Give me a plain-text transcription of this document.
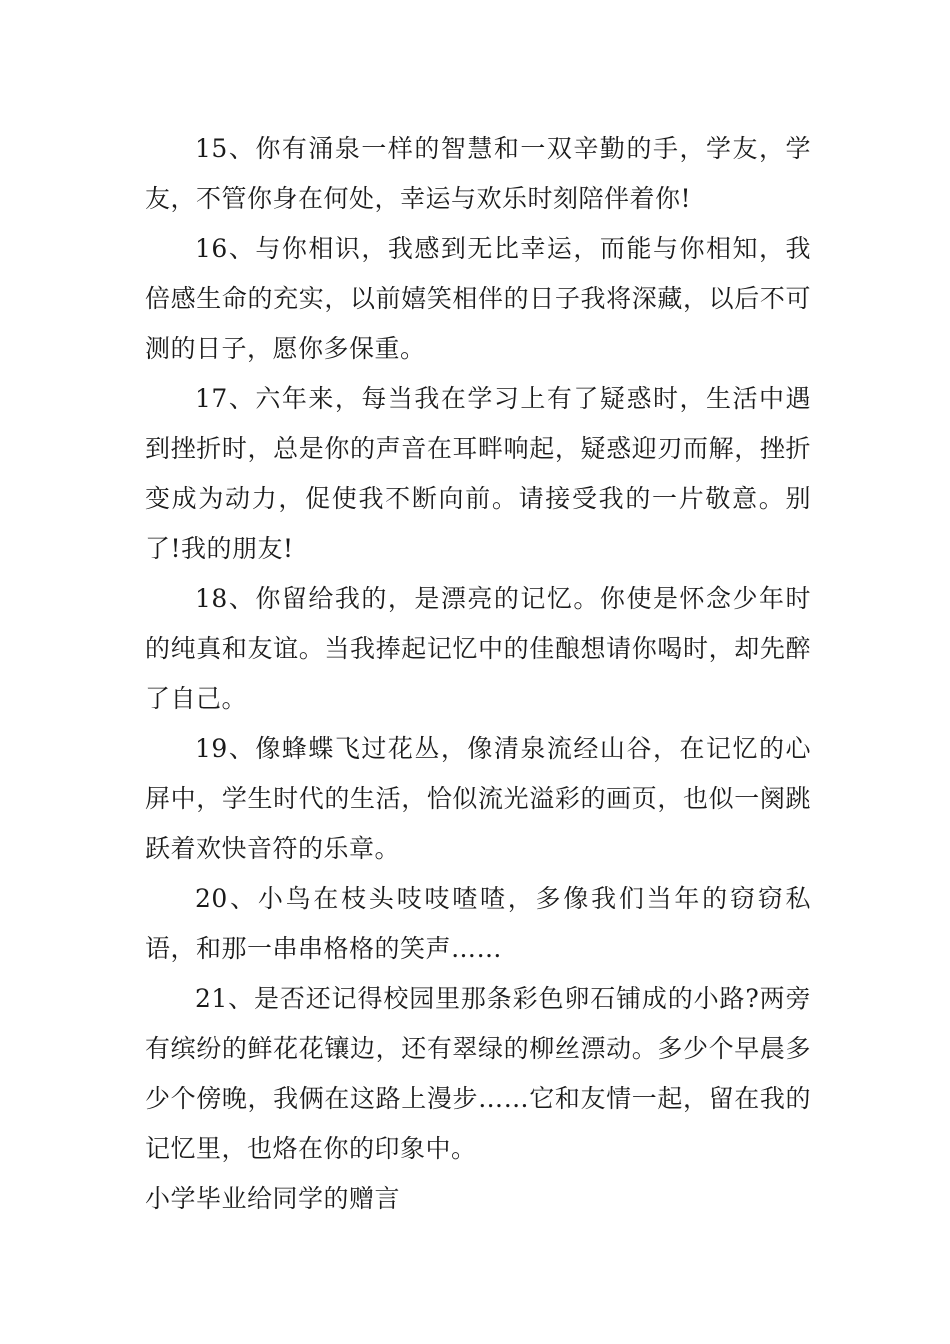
15、你有涌泉一样的智慧和一双辛勤的手，学友，学友，不管你身在何处，幸运与欢乐时刻陪伴着你!

16、与你相识，我感到无比幸运，而能与你相知，我倍感生命的充实，以前嬉笑相伴的日子我将深藏，以后不可测的日子，愿你多保重。

17、六年来，每当我在学习上有了疑惑时，生活中遇到挫折时，总是你的声音在耳畔响起，疑惑迎刃而解，挫折变成为动力，促使我不断向前。请接受我的一片敬意。别了!我的朋友!

18、你留给我的，是漂亮的记忆。你使是怀念少年时的纯真和友谊。当我捧起记忆中的佳酿想请你喝时，却先醉了自己。

19、像蜂蝶飞过花丛，像清泉流经山谷，在记忆的心屏中，学生时代的生活，恰似流光溢彩的画页，也似一阕跳跃着欢快音符的乐章。

20、小鸟在枝头吱吱喳喳，多像我们当年的窃窃私语，和那一串串格格的笑声……

21、是否还记得校园里那条彩色卵石铺成的小路?两旁有缤纷的鲜花花镶边，还有翠绿的柳丝漂动。多少个早晨多少个傍晚，我俩在这路上漫步……它和友情一起，留在我的记忆里，也烙在你的印象中。

小学毕业给同学的赠言
